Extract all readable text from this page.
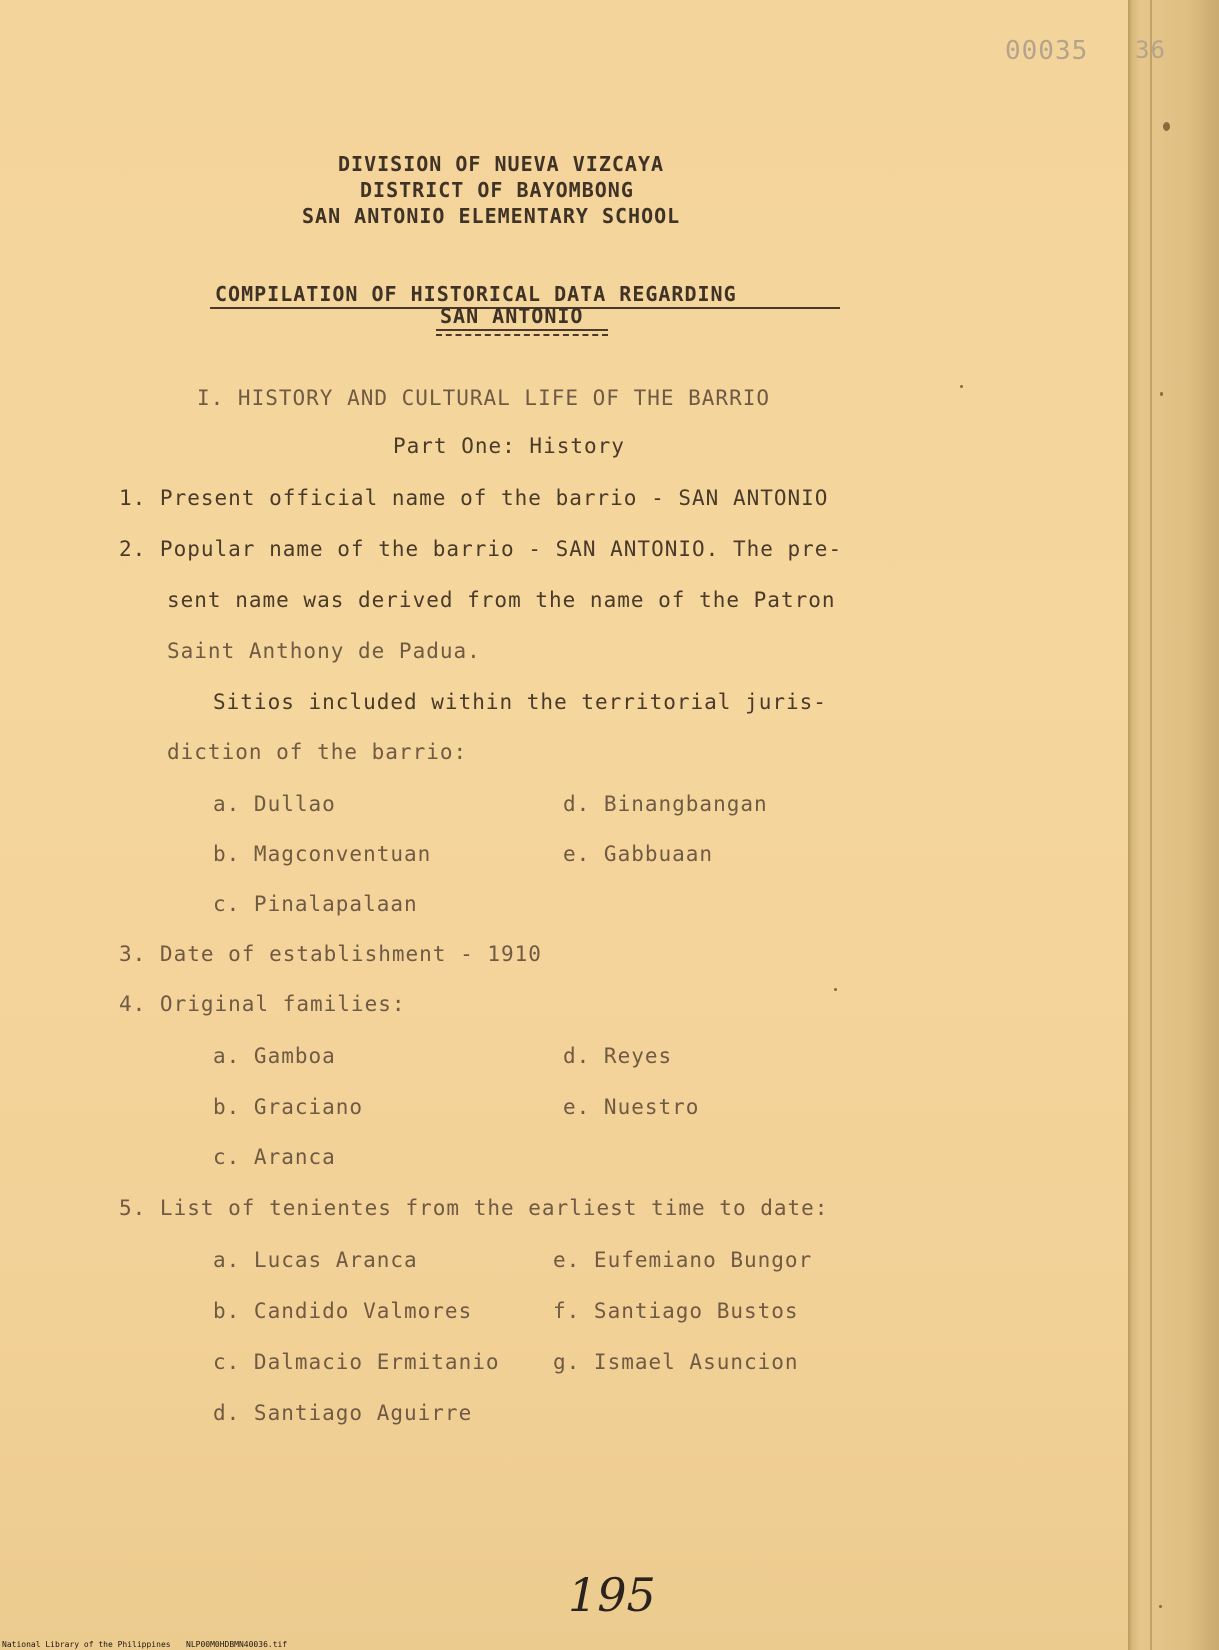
00035 36
DIVISION OF NUEVA VIZCAYA
DISTRICT OF BAYOMBONG
SAN ANTONIO ELEMENTARY SCHOOL
COMPILATION OF HISTORICAL DATA REGARDING
SAN ANTONIO
I. HISTORY AND CULTURAL LIFE OF THE BARRIO
Part One: History
1. Present official name of the barrio - SAN ANTONIO
2. Popular name of the barrio - SAN ANTONIO. The pre-
sent name was derived from the name of the Patron
Saint Anthony de Padua.
Sitios included within the territorial juris-
diction of the barrio:
a. Dullao	d. Binangbangan
b. Magconventuan	e. Gabbuaan
c. Pinalapalaan
3. Date of establishment - 1910
4. Original families:
a. Gamboa	d. Reyes
b. Graciano	e. Nuestro
c. Aranca
5. List of tenientes from the earliest time to date:
a. Lucas Aranca	e. Eufemiano Bungor
b. Candido Valmores	f. Santiago Bustos
c. Dalmacio Ermitanio	g. Ismael Asuncion
d. Santiago Aguirre
195
National Library of the Philippines NLP00M0HDBMN40036.tif
